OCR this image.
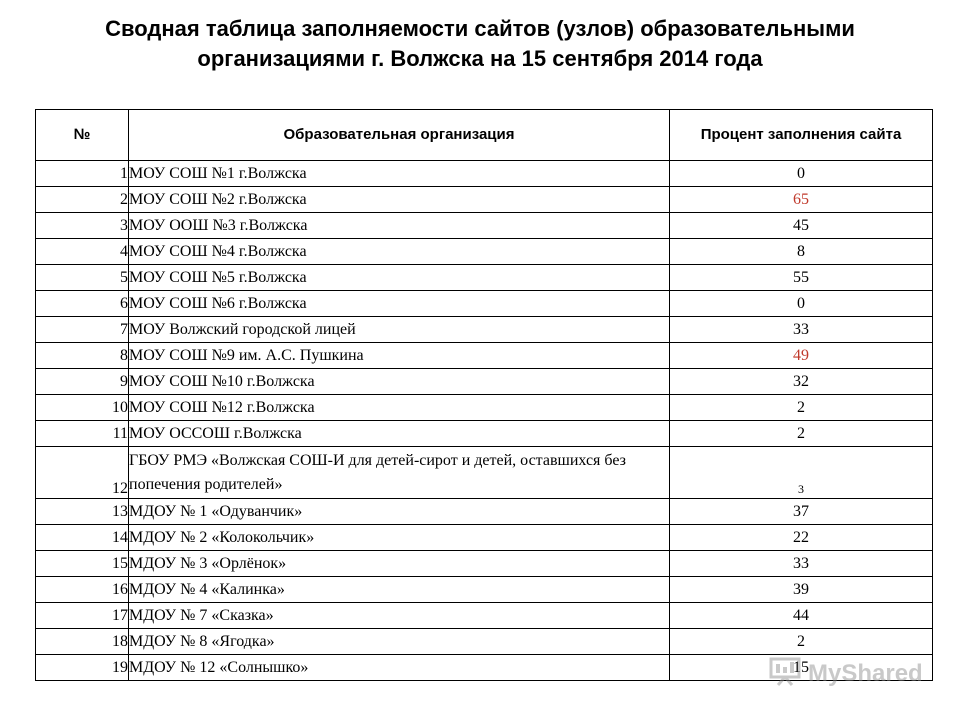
Сводная таблица заполняемости сайтов (узлов) образовательными
организациями г. Волжска на 15 сентября 2014 года
№	Образовательная организация	Процент заполнения сайта
1	МОУ СОШ №1 г.Волжска	0
2	МОУ СОШ №2 г.Волжска	65
3	МОУ ООШ №3 г.Волжска	45
4	МОУ СОШ №4 г.Волжска	8
5	МОУ СОШ №5 г.Волжска	55
6	МОУ СОШ №6 г.Волжска	0
7	МОУ Волжский городской лицей	33
8	МОУ СОШ №9 им. А.С. Пушкина	49
9	МОУ СОШ №10 г.Волжска	32
10	МОУ СОШ №12 г.Волжска	2
11	МОУ ОССОШ г.Волжска	2
12	ГБОУ РМЭ «Волжская СОШ-И для детей-сирот и детей, оставшихся без попечения родителей»	3
13	МДОУ № 1 «Одуванчик»	37
14	МДОУ № 2 «Колокольчик»	22
15	МДОУ № 3 «Орлёнок»	33
16	МДОУ № 4 «Калинка»	39
17	МДОУ № 7 «Сказка»	44
18	МДОУ № 8 «Ягодка»	2
19	МДОУ № 12 «Солнышко»	15 MyShared
